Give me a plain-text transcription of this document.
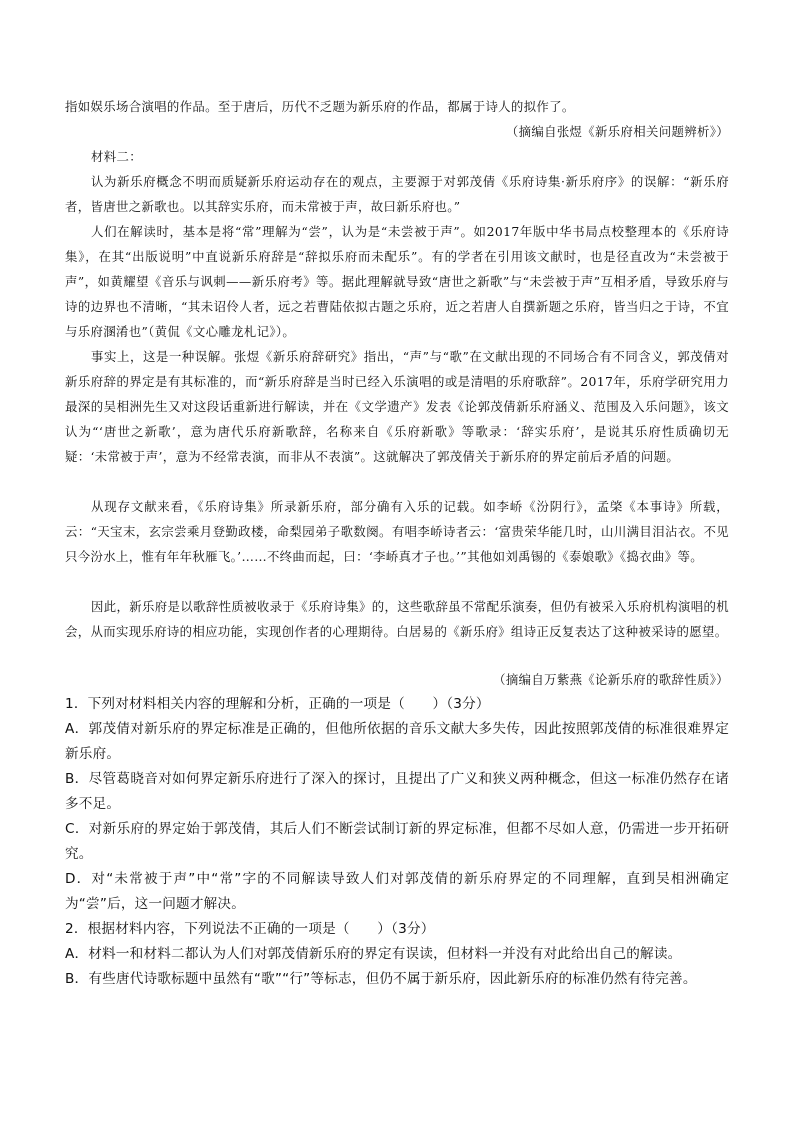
指如娱乐场合演唱的作品。至于唐后，历代不乏题为新乐府的作品，都属于诗人的拟作了。

（摘编自张煜《新乐府相关问题辨析》）

材料二：

认为新乐府概念不明而质疑新乐府运动存在的观点，主要源于对郭茂倩《乐府诗集·新乐府序》的误解：“新乐府者，皆唐世之新歌也。以其辞实乐府，而未常被于声，故曰新乐府也。”

人们在解读时，基本是将“常”理解为“尝”，认为是“未尝被于声”。如2017年版中华书局点校整理本的《乐府诗集》，在其“出版说明”中直说新乐府辞是“辞拟乐府而未配乐”。有的学者在引用该文献时，也是径直改为“未尝被于声”，如黄耀望《音乐与讽刺——新乐府考》等。据此理解就导致“唐世之新歌”与“未尝被于声”互相矛盾，导致乐府与诗的边界也不清晰，“其未诏伶人者，远之若曹陆依拟古题之乐府，近之若唐人自撰新题之乐府，皆当归之于诗，不宜与乐府溷淆也”（黄侃《文心雕龙札记》）。

事实上，这是一种误解。张煜《新乐府辞研究》指出，“声”与“歌”在文献出现的不同场合有不同含义，郭茂倩对新乐府辞的界定是有其标准的，而“新乐府辞是当时已经入乐演唱的或是清唱的乐府歌辞”。2017年，乐府学研究用力最深的吴相洲先生又对这段话重新进行解读，并在《文学遗产》发表《论郭茂倩新乐府涵义、范围及入乐问题》，该文认为“‘唐世之新歌’，意为唐代乐府新歌辞，名称来自《乐府新歌》等歌录：‘辞实乐府’，是说其乐府性质确切无疑：‘未常被于声’，意为不经常表演，而非从不表演”。这就解决了郭茂倩关于新乐府的界定前后矛盾的问题。

从现存文献来看，《乐府诗集》所录新乐府，部分确有入乐的记载。如李峤《汾阴行》，孟棨《本事诗》所载，云：“天宝末，玄宗尝乘月登勤政楼，命梨园弟子歌数阕。有唱李峤诗者云：‘富贵荣华能几时，山川满目泪沾衣。不见只今汾水上，惟有年年秋雁飞。’……不终曲而起，曰：‘李峤真才子也。’”其他如刘禹锡的《泰娘歌》《捣衣曲》等。

因此，新乐府是以歌辞性质被收录于《乐府诗集》的，这些歌辞虽不常配乐演奏，但仍有被采入乐府机构演唱的机会，从而实现乐府诗的相应功能，实现创作者的心理期待。白居易的《新乐府》组诗正反复表达了这种被采诗的愿望。

（摘编自万紫燕《论新乐府的歌辞性质》）

1．下列对材料相关内容的理解和分析，正确的一项是（　　）（3分）

A．郭茂倩对新乐府的界定标准是正确的，但他所依据的音乐文献大多失传，因此按照郭茂倩的标准很难界定新乐府。

B．尽管葛晓音对如何界定新乐府进行了深入的探讨，且提出了广义和狭义两种概念，但这一标准仍然存在诸多不足。

C．对新乐府的界定始于郭茂倩，其后人们不断尝试制订新的界定标准，但都不尽如人意，仍需进一步开拓研究。

D．对“未常被于声”中“常”字的不同解读导致人们对郭茂倩的新乐府界定的不同理解，直到吴相洲确定为“尝”后，这一问题才解决。

2．根据材料内容，下列说法不正确的一项是（　　）（3分）

A．材料一和材料二都认为人们对郭茂倩新乐府的界定有误读，但材料一并没有对此给出自己的解读。

B．有些唐代诗歌标题中虽然有“歌”“行”等标志，但仍不属于新乐府，因此新乐府的标准仍然有待完善。
